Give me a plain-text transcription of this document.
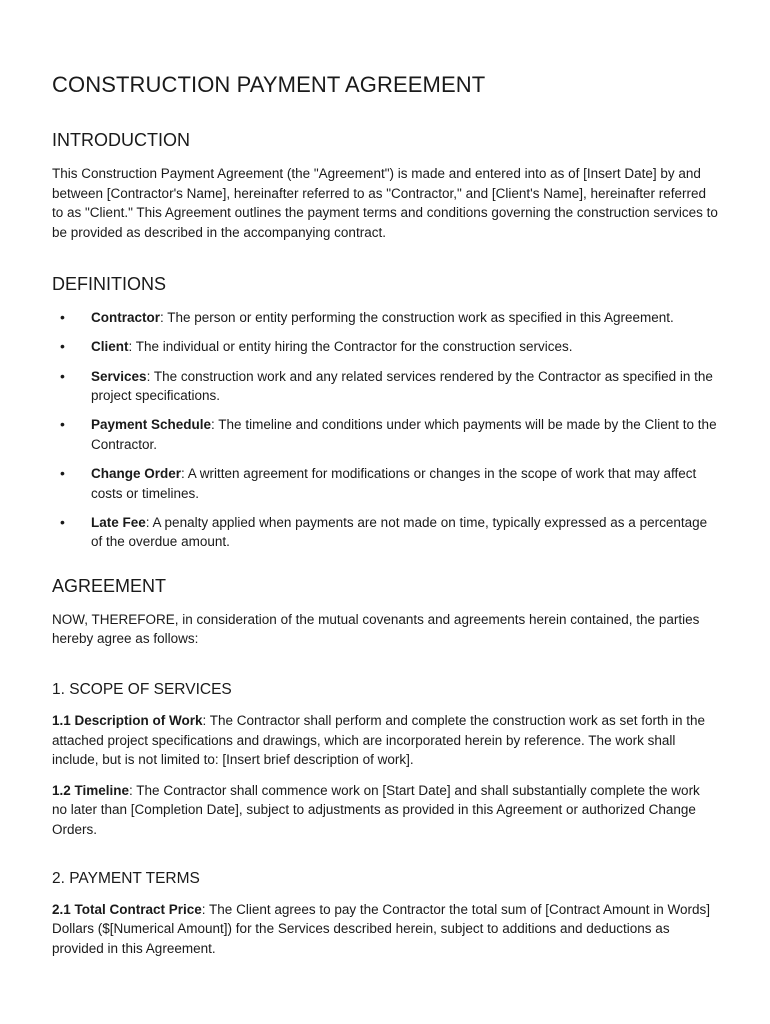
CONSTRUCTION PAYMENT AGREEMENT
INTRODUCTION

This Construction Payment Agreement (the "Agreement") is made and entered into as of [Insert Date] by and between [Contractor's Name], hereinafter referred to as "Contractor," and [Client's Name], hereinafter referred to as "Client." This Agreement outlines the payment terms and conditions governing the construction services to be provided as described in the accompanying contract.

DEFINITIONS
• Contractor: The person or entity performing the construction work as specified in this Agreement.
• Client: The individual or entity hiring the Contractor for the construction services.
• Services: The construction work and any related services rendered by the Contractor as specified in the project specifications.
• Payment Schedule: The timeline and conditions under which payments will be made by the Client to the Contractor.
• Change Order: A written agreement for modifications or changes in the scope of work that may affect costs or timelines.
• Late Fee: A penalty applied when payments are not made on time, typically expressed as a percentage of the overdue amount.
AGREEMENT

NOW, THEREFORE, in consideration of the mutual covenants and agreements herein contained, the parties hereby agree as follows:

1. SCOPE OF SERVICES

1.1 Description of Work: The Contractor shall perform and complete the construction work as set forth in the attached project specifications and drawings, which are incorporated herein by reference. The work shall include, but is not limited to: [Insert brief description of work].

1.2 Timeline: The Contractor shall commence work on [Start Date] and shall substantially complete the work no later than [Completion Date], subject to adjustments as provided in this Agreement or authorized Change Orders.

2. PAYMENT TERMS

2.1 Total Contract Price: The Client agrees to pay the Contractor the total sum of [Contract Amount in Words] Dollars ($[Numerical Amount]) for the Services described herein, subject to additions and deductions as provided in this Agreement.
